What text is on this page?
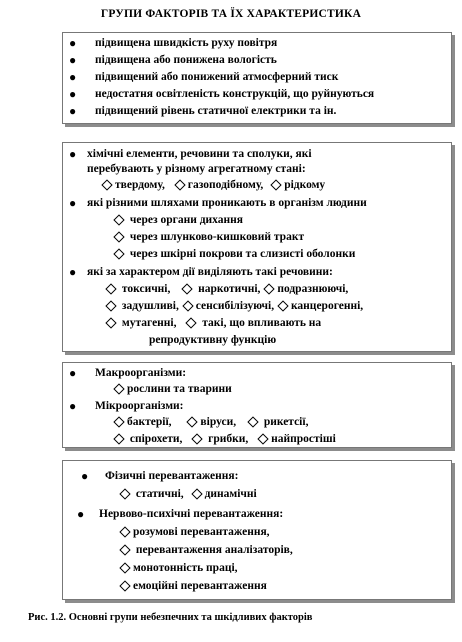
ГРУПИ ФАКТОРІВ ТА ЇХ ХАРАКТЕРИСТИКА
● підвищена швидкість руху повітря
● підвищена або понижена вологість
● підвищений або понижений атмосферний тиск
● недостатня освітленість конструкцій, що руйнуються
● підвищений рівень статичної електрики та ін.
● хімічні елементи, речовини та сполуки, які
перебувають у різному агрегатному стані:
твердому, газоподібному, рідкому
● які різними шляхами проникають в організм людини
через органи дихання
через шлунково-кишковий тракт
через шкірні покрови та слизисті оболонки
● які за характером дії виділяють такі речовини:
токсичні, наркотичні, подразнюючі,
задушливі, сенсибілізуючі, канцерогенні,
мутагенні, такі, що впливають на
репродуктивну функцію
● Макроорганізми:
рослини та тварини
● Мікроорганізми:
бактерії,	віруси, рикетсії,
спірохети, грибки, найпростіші
● Фізичні перевантаження:
статичні, динамічні
● Нервово-психічні перевантаження:
розумові перевантаження,
перевантаження аналізаторів,
монотонність праці,
емоційні перевантаження
Рис. 1.2. Основні групи небезпечних та шкідливих факторів
